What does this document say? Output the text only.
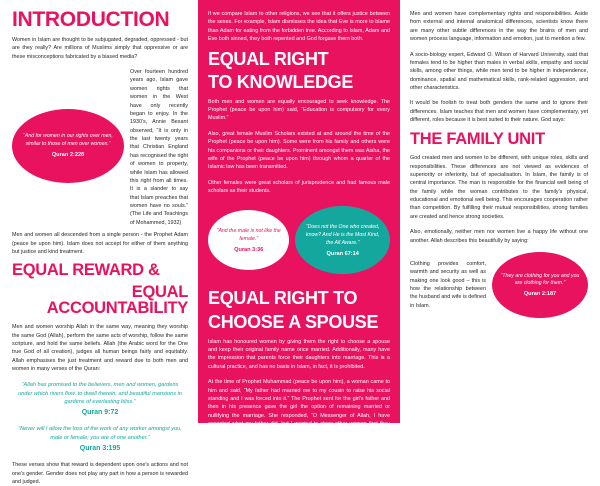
INTRODUCTION

Women in Islam are thought to be subjugated, degraded, oppressed - but are they really? Are millions of Muslims simply that oppressive or are these misconceptions fabricated by a biased media?

“And for women in our rights over men, similar to those of men over women.”
Quran 2:228

Over fourteen hundred years ago, Islam gave women rights that women in the West have only recently began to enjoy. In the 1930's, Annie Besant observed, “It is only in the last twenty years that Christian England has recognised the right of women to property, while Islam has allowed this right from all times. It is a slander to say that Islam preaches that women have no souls.” (The Life and Teachings of Mohammed, 1932)

Men and women all descended from a single person - the Prophet Adam (peace be upon him). Islam does not accept for either of them anything but justice and kind treatment.

EQUAL REWARD &
EQUAL ACCOUNTABILITY

Men and women worship Allah in the same way, meaning they worship the same God (Allah), perform the same acts of worship, follow the same scripture, and hold the same beliefs. Allah (the Arabic word for the One true God of all creation), judges all human beings fairly and equitably. Allah emphasises the just treatment and reward due to both men and women in many verses of the Quran:

“Allah has promised to the believers, men and women, gardens under which rivers flow, to dwell therein, and beautiful mansions in gardens of everlasting bliss.”
Quran 9:72
“Never will I allow the loss of the work of any worker amongst you, male or female; you are of one another.”
Quran 3:195

These verses show that reward is dependent upon one's actions and not one's gender. Gender does not play any part in how a person is rewarded and judged.

If we compare Islam to other religions, we see that it offers justice between the sexes. For example, Islam dismisses the idea that Eve is more to blame than Adam for eating from the forbidden tree. According to Islam, Adam and Eve both sinned, they both repented and God forgave them both.

EQUAL RIGHT
TO KNOWLEDGE

Both men and women are equally encouraged to seek knowledge. The Prophet (peace be upon him) said, “Education is compulsory for every Muslim.”

Also, great female Muslim Scholars existed at and around the time of the Prophet (peace be upon him). Some were from his family and others were his companions or their daughters. Prominent amongst them was Aisha, the wife of the Prophet (peace be upon him) through whom a quarter of the Islamic law has been transmitted.

Other females were great scholars of jurisprudence and had famous male scholars as their students.

“And the male is not like the female.”
Quran 3:36
“Does not the One who created, know? And He is the Most Kind, the All Aware.”
Quran 67:14
EQUAL RIGHT TO
CHOOSE A SPOUSE

Islam has honoured women by giving them the right to choose a spouse and keep their original family name once married. Additionally, many have the impression that parents force their daughters into marriage. This is a cultural practice, and has no basis in Islam, in fact, it is prohibited.

At the time of Prophet Muhammad (peace be upon him), a woman came to him and said, “My father had married me to my cousin to raise his social standing and I was forced into it.” The Prophet sent for the girl's father and then in his presence gave the girl the option of remaining married or nullifying the marriage. She responded, “O Messenger of Allah, I have accepted what my father did, but I wanted to show other women that they could not be forced into a marriage.”

EQUAL YET DIFFERENT

While men and women have equal rights as a general principle, the specific rights and responsibilities granted to them are not identical.

Men and women have complementary rights and responsibilities. Aside from external and internal anatomical differences, scientists know there are many other subtle differences in the way the brains of men and women process language, information and emotion, just to mention a few.

A socio-biology expert, Edward O. Wilson of Harvard University, said that females tend to be higher than males in verbal skills, empathy and social skills, among other things, while men tend to be higher in independence, dominance, spatial and mathematical skills, rank-related aggression, and other characteristics.

It would be foolish to treat both genders the same and to ignore their differences. Islam teaches that men and women have complementary, yet different, roles because it is best suited to their nature. God says:

THE FAMILY UNIT

God created men and women to be different, with unique roles, skills and responsibilities. These differences are not viewed as evidences of superiority or inferiority, but of specialisation. In Islam, the family is of central importance. The man is responsible for the financial well being of the family while the woman contributes to the family's physical, educational and emotional well being. This encourages cooperation rather than competition. By fulfilling their mutual responsibilities, strong families are created and hence strong societies.

Also, emotionally, neither men nor women live a happy life without one another. Allah describes this beautifully by saying:

Clothing provides comfort, warmth and security as well as making one look good – this is how the relationship between the husband and wife is defined in Islam.

“They are clothing for you and you are clothing for them.”
Quran 2:187
